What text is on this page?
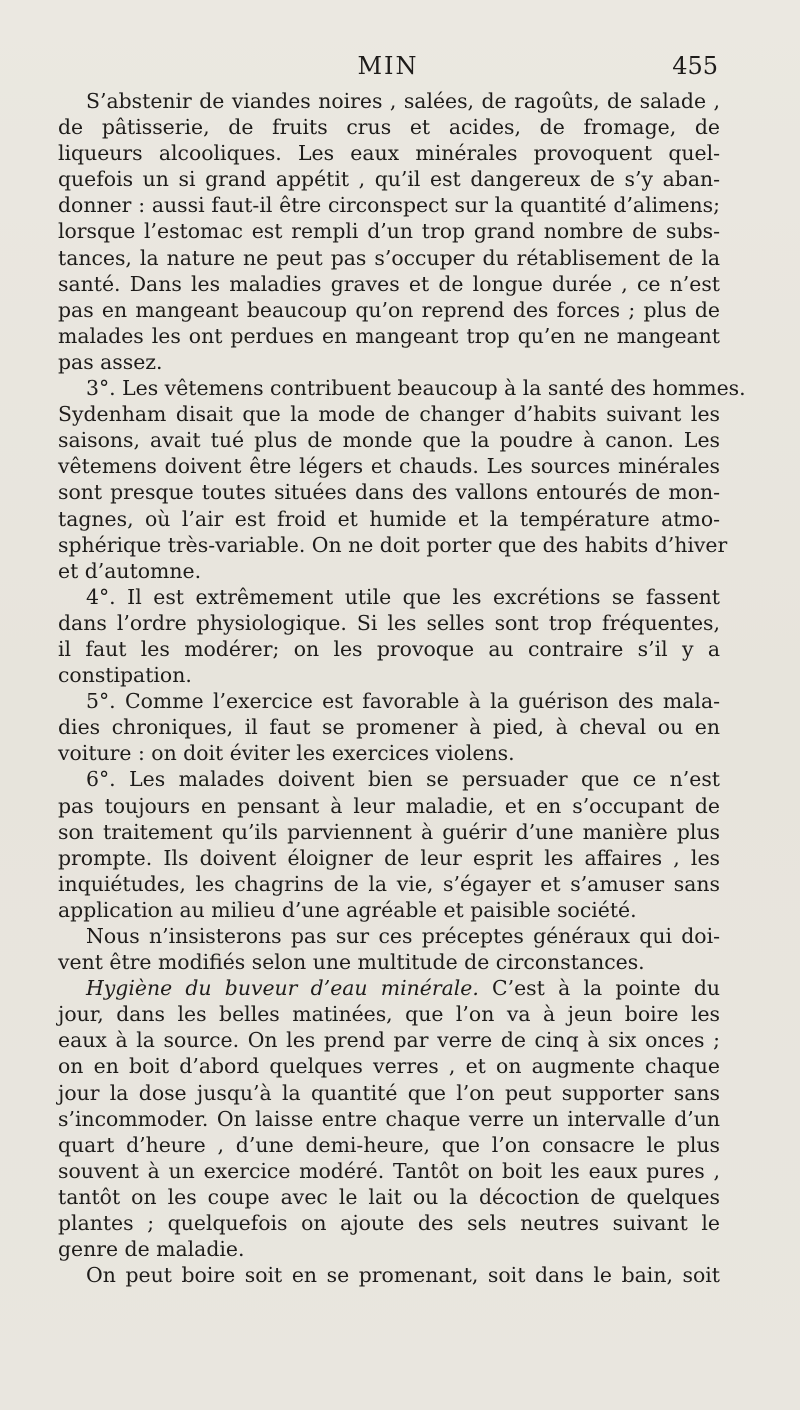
MIN	455
S’abstenir de viandes noires , salées, de ragoûts, de salade ,
de pâtisserie, de fruits crus et acides, de fromage, de
liqueurs alcooliques. Les eaux minérales provoquent quel-
quefois un si grand appétit , qu’il est dangereux de s’y aban-
donner : aussi faut-il être circonspect sur la quantité d’alimens;
lorsque l’estomac est rempli d’un trop grand nombre de subs-
tances, la nature ne peut pas s’occuper du rétablisement de la
santé. Dans les maladies graves et de longue durée , ce n’est
pas en mangeant beaucoup qu’on reprend des forces ; plus de
malades les ont perdues en mangeant trop qu’en ne mangeant
pas assez.
3°. Les vêtemens contribuent beaucoup à la santé des hommes.
Sydenham disait que la mode de changer d’habits suivant les
saisons, avait tué plus de monde que la poudre à canon. Les
vêtemens doivent être légers et chauds. Les sources minérales
sont presque toutes situées dans des vallons entourés de mon-
tagnes, où l’air est froid et humide et la température atmo-
sphérique très-variable. On ne doit porter que des habits d’hiver
et d’automne.
4°. Il est extrêmement utile que les excrétions se fassent
dans l’ordre physiologique. Si les selles sont trop fréquentes,
il faut les modérer; on les provoque au contraire s’il y a
constipation.
5°. Comme l’exercice est favorable à la guérison des mala-
dies chroniques, il faut se promener à pied, à cheval ou en
voiture : on doit éviter les exercices violens.
6°. Les malades doivent bien se persuader que ce n’est
pas toujours en pensant à leur maladie, et en s’occupant de
son traitement qu’ils parviennent à guérir d’une manière plus
prompte. Ils doivent éloigner de leur esprit les affaires , les
inquiétudes, les chagrins de la vie, s’égayer et s’amuser sans
application au milieu d’une agréable et paisible société.
Nous n’insisterons pas sur ces préceptes généraux qui doi-
vent être modifiés selon une multitude de circonstances.
Hygiène du buveur d’eau minérale. C’est à la pointe du
jour, dans les belles matinées, que l’on va à jeun boire les
eaux à la source. On les prend par verre de cinq à six onces ;
on en boit d’abord quelques verres , et on augmente chaque
jour la dose jusqu’à la quantité que l’on peut supporter sans
s’incommoder. On laisse entre chaque verre un intervalle d’un
quart d’heure , d’une demi-heure, que l’on consacre le plus
souvent à un exercice modéré. Tantôt on boit les eaux pures ,
tantôt on les coupe avec le lait ou la décoction de quelques
plantes ; quelquefois on ajoute des sels neutres suivant le
genre de maladie.
On peut boire soit en se promenant, soit dans le bain, soit
